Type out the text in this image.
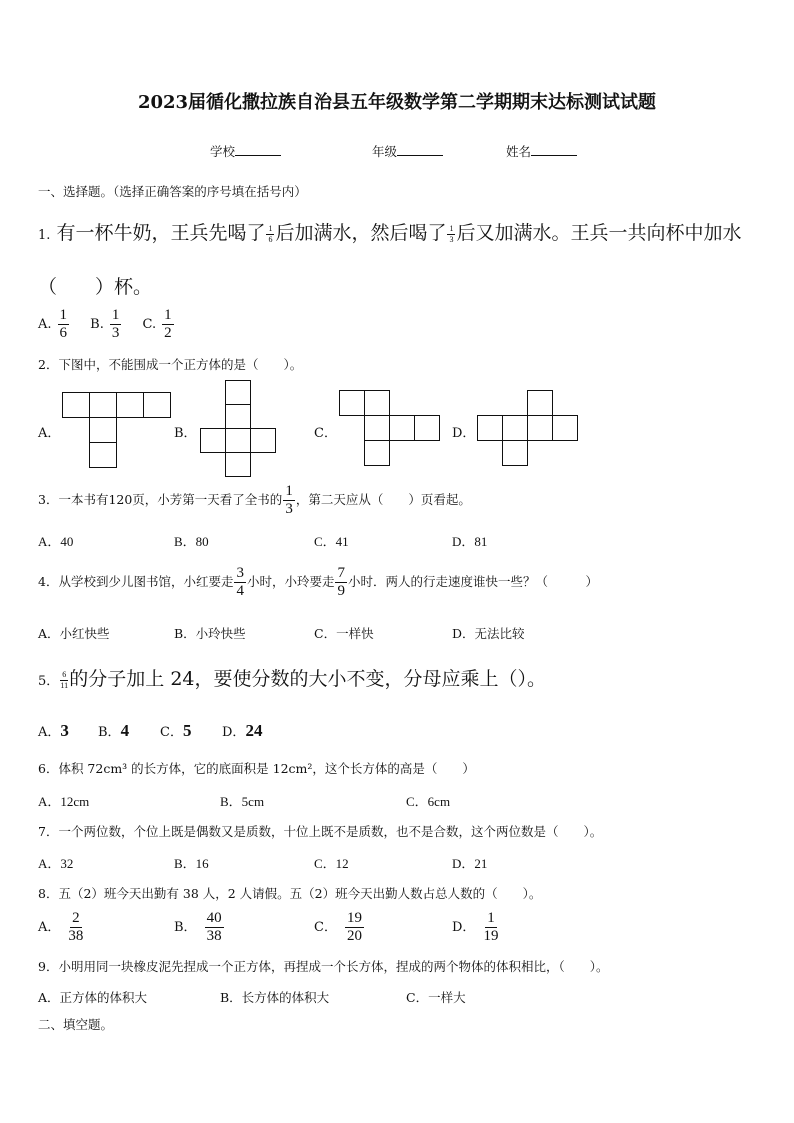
2023届循化撒拉族自治县五年级数学第二学期期末达标测试试题
学校	年级	姓名
一、选择题。（选择正确答案的序号填在括号内）
1. 有一杯牛奶，王兵先喝了 $\frac{1}{6}$ 后加满水，然后喝了 $\frac{1}{3}$ 后又加满水。王兵一共向杯中加水
（　　）杯。
A. $\frac{1}{6} B$. $\frac{1}{3} C$. $\frac{1}{2}$
2．下图中，不能围成一个正方体的是（　　）。
A．	B．	C．	D．
3．一本书有120页，小芳第一天看了全书的 $\frac{1}{3}$ ，第二天应从（　　）页看起。
A．40	B．80	C．41	D．81
4．从学校到少儿图书馆，小红要走 $\frac{3}{4}$ 小时，小玲要走 $\frac{7}{9}$ 小时．两人的行走速度谁快一些？（　　　）
A．小红快些	B．小玲快些	C．一样快	D．无法比较
5． $\frac{6}{11}$ 的分子加上 24，要使分数的大小不变，分母应乘上（）。
A．3 B．4 C．5 D．24
6．体积 72cm³ 的长方体，它的底面积是 12cm²，这个长方体的高是（　　）
A．12cm	B．5cm	C．6cm
7．一个两位数，个位上既是偶数又是质数，十位上既不是质数，也不是合数，这个两位数是（　　）。
A．32	B．16	C．12	D．21
8．五（2）班今天出勤有 38 人，2 人请假。五（2）班今天出勤人数占总人数的（　　）。
A． $\frac{2}{38}$	B． $\frac{40}{38}$	C． $\frac{19}{20}$	D． $\frac{1}{19}$
9．小明用同一块橡皮泥先捏成一个正方体，再捏成一个长方体，捏成的两个物体的体积相比，（　　）。
A．正方体的体积大	B．长方体的体积大	C．一样大
二、填空题。
